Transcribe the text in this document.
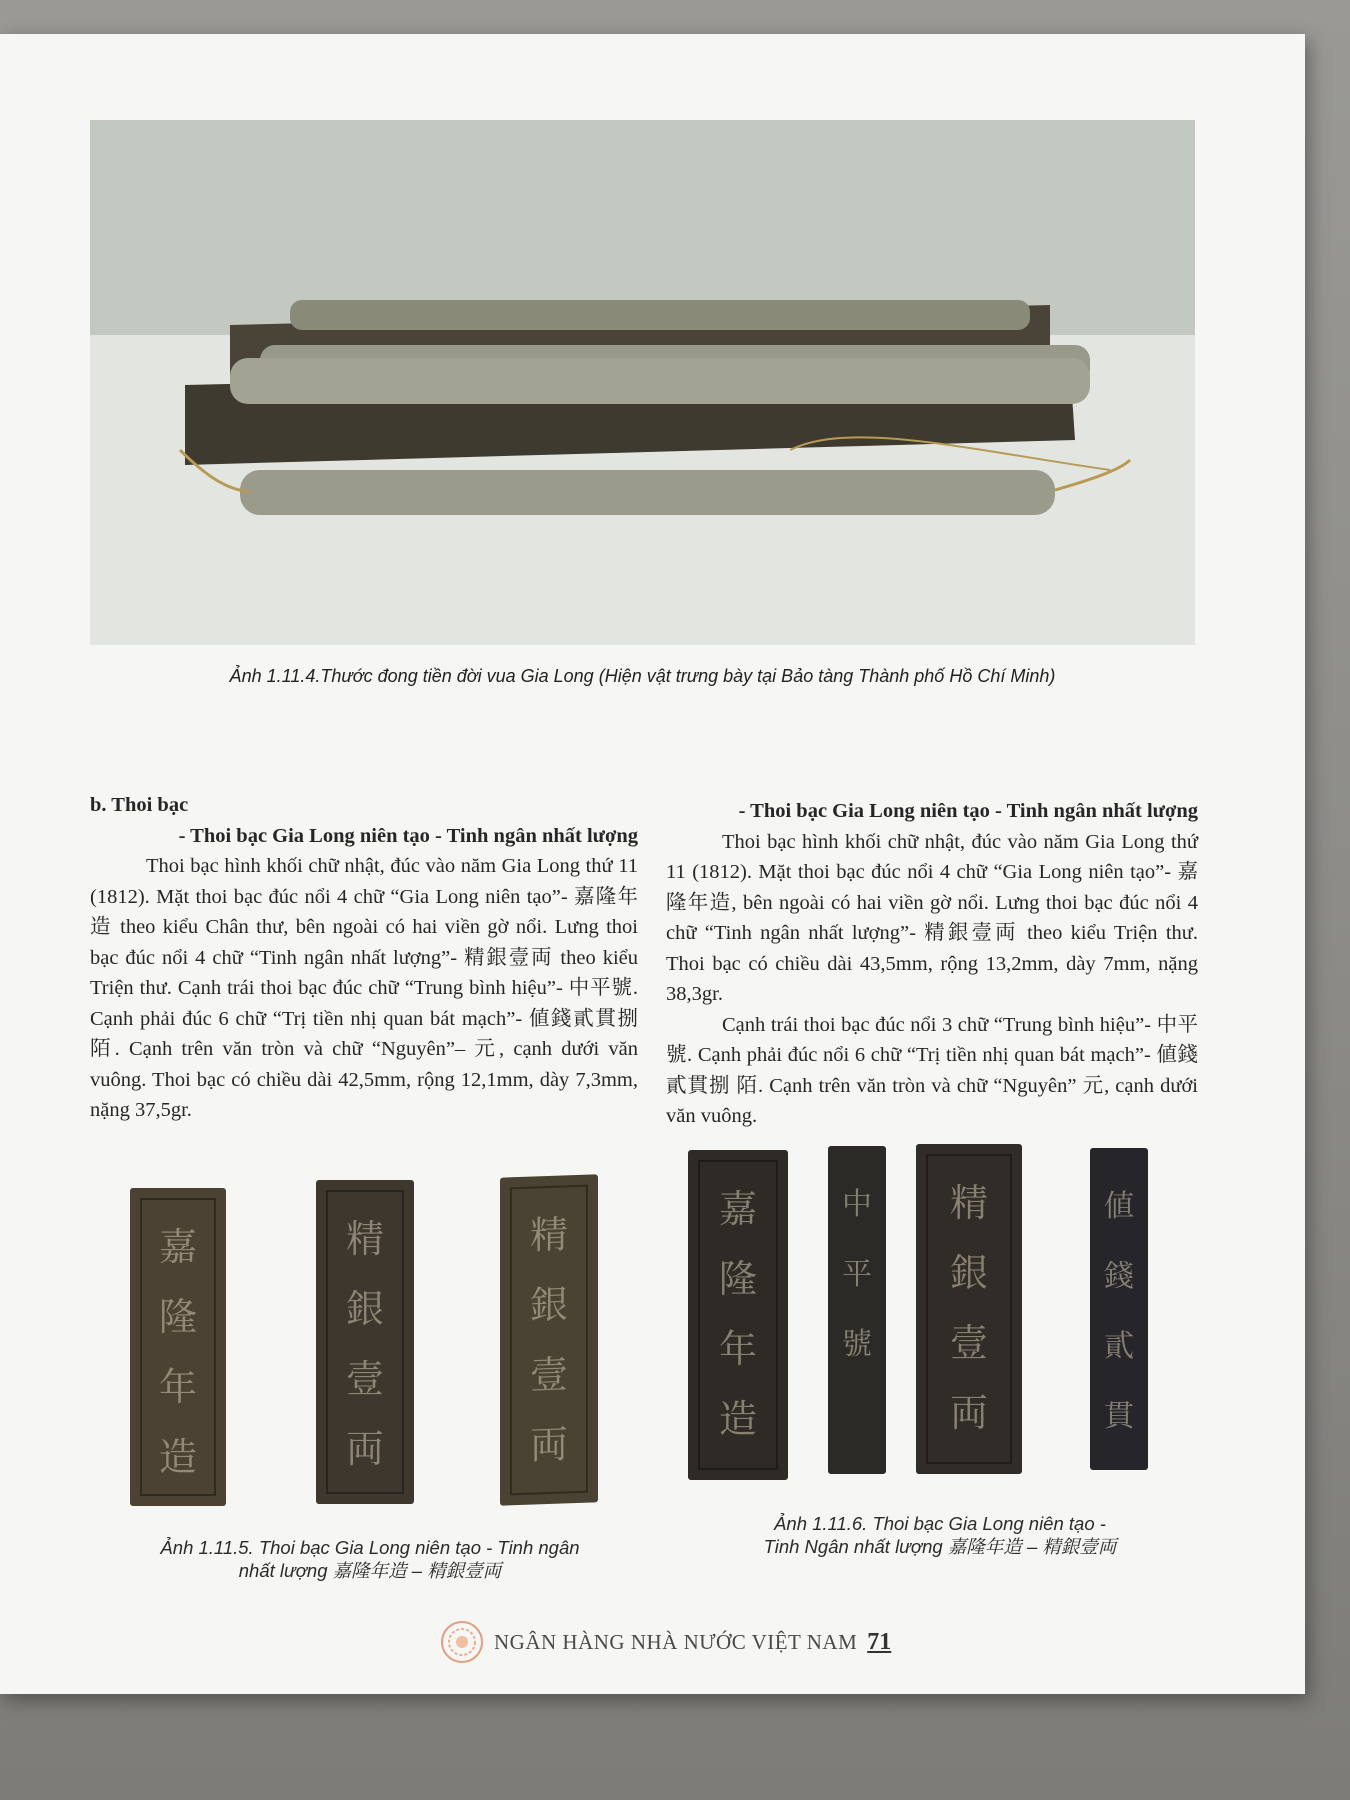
Ảnh 1.11.4.Thước đong tiền đời vua Gia Long (Hiện vật trưng bày tại Bảo tàng Thành phố Hồ Chí Minh)
b. Thoi bạc
- Thoi bạc Gia Long niên tạo - Tinh ngân nhất lượng

Thoi bạc hình khối chữ nhật, đúc vào năm Gia Long thứ 11 (1812). Mặt thoi bạc đúc nổi 4 chữ “Gia Long niên tạo”- 嘉隆年造 theo kiểu Chân thư, bên ngoài có hai viền gờ nổi. Lưng thoi bạc đúc nổi 4 chữ “Tinh ngân nhất lượng”- 精銀壹両 theo kiểu Triện thư. Cạnh trái thoi bạc đúc chữ “Trung bình hiệu”- 中平號. Cạnh phải đúc 6 chữ “Trị tiền nhị quan bát mạch”- 値錢貳貫捌陌. Cạnh trên văn tròn và chữ “Nguyên”– 元, cạnh dưới văn vuông. Thoi bạc có chiều dài 42,5mm, rộng 12,1mm, dày 7,3mm, nặng 37,5gr.

- Thoi bạc Gia Long niên tạo - Tinh ngân nhất lượng

Thoi bạc hình khối chữ nhật, đúc vào năm Gia Long thứ 11 (1812). Mặt thoi bạc đúc nổi 4 chữ “Gia Long niên tạo”- 嘉隆年造, bên ngoài có hai viền gờ nổi. Lưng thoi bạc đúc nổi 4 chữ “Tinh ngân nhất lượng”- 精銀壹両 theo kiểu Triện thư. Thoi bạc có chiều dài 43,5mm, rộng 13,2mm, dày 7mm, nặng 38,3gr.

Cạnh trái thoi bạc đúc nổi 3 chữ “Trung bình hiệu”- 中平號. Cạnh phải đúc nổi 6 chữ “Trị tiền nhị quan bát mạch”- 値錢貳貫捌 陌. Cạnh trên văn tròn và chữ “Nguyên” 元, cạnh dưới văn vuông.

嘉
隆
年
造
精
銀
壹
両
精
銀
壹
両
嘉
隆
年
造
中
平
號
精
銀
壹
両
値
錢
貳
貫
Ảnh 1.11.5. Thoi bạc Gia Long niên tạo - Tinh ngân
nhất lượng 嘉隆年造 – 精銀壹両
Ảnh 1.11.6. Thoi bạc Gia Long niên tạo -
Tinh Ngân nhất lượng 嘉隆年造 – 精銀壹両
NGÂN HÀNG NHÀ NƯỚC VIỆT NAM 71
